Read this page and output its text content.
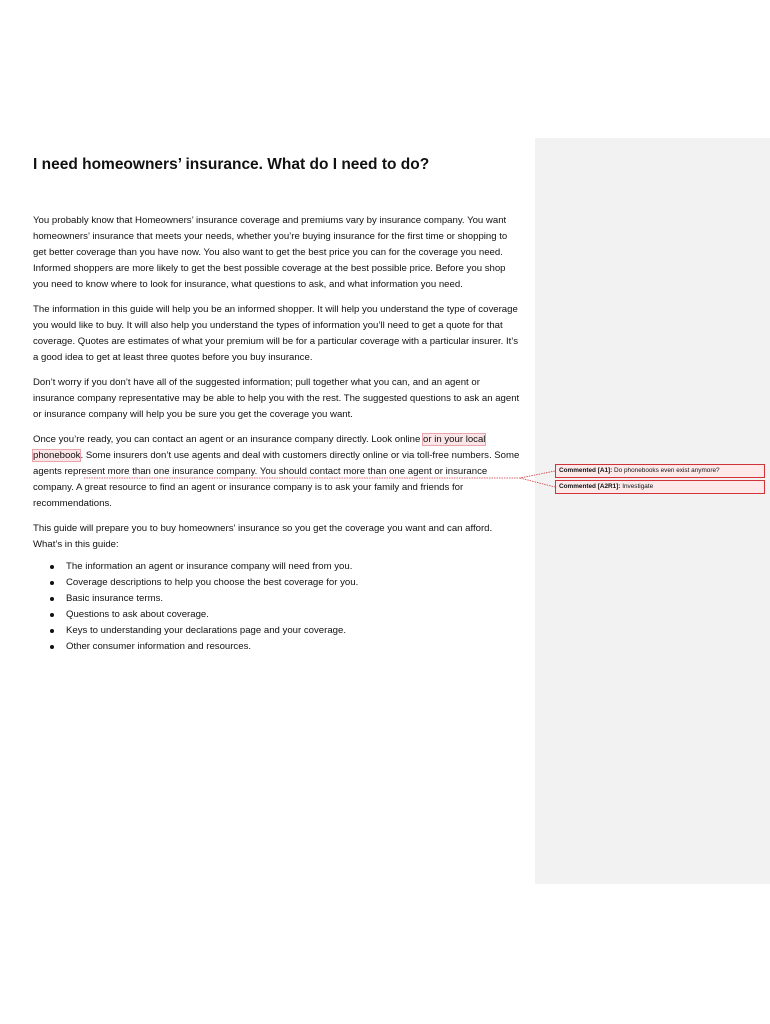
I need homeowners’ insurance. What do I need to do?

You probably know that Homeowners’ insurance coverage and premiums vary by insurance company. You want homeowners’ insurance that meets your needs, whether you’re buying insurance for the first time or shopping to get better coverage than you have now. You also want to get the best price you can for the coverage you need. Informed shoppers are more likely to get the best possible coverage at the best possible price. Before you shop you need to know where to look for insurance, what questions to ask, and what information you need.

The information in this guide will help you be an informed shopper. It will help you understand the type of coverage you would like to buy. It will also help you understand the types of information you’ll need to get a quote for that coverage. Quotes are estimates of what your premium will be for a particular coverage with a particular insurer. It’s a good idea to get at least three quotes before you buy insurance.

Don’t worry if you don’t have all of the suggested information; pull together what you can, and an agent or insurance company representative may be able to help you with the rest. The suggested questions to ask an agent or insurance company will help you be sure you get the coverage you want.

Once you’re ready, you can contact an agent or an insurance company directly. Look online or in your local phonebook. Some insurers don’t use agents and deal with customers directly online or via toll-free numbers. Some agents represent more than one insurance company. You should contact more than one agent or insurance company. A great resource to find an agent or insurance company is to ask your family and friends for recommendations.

This guide will prepare you to buy homeowners’ insurance so you get the coverage you want and can afford. What’s in this guide:

The information an agent or insurance company will need from you.
Coverage descriptions to help you choose the best coverage for you.
Basic insurance terms.
Questions to ask about coverage.
Keys to understanding your declarations page and your coverage.
Other consumer information and resources.
Commented [A1]: Do phonebooks even exist anymore?
Commented [A2R1]: Investigate
